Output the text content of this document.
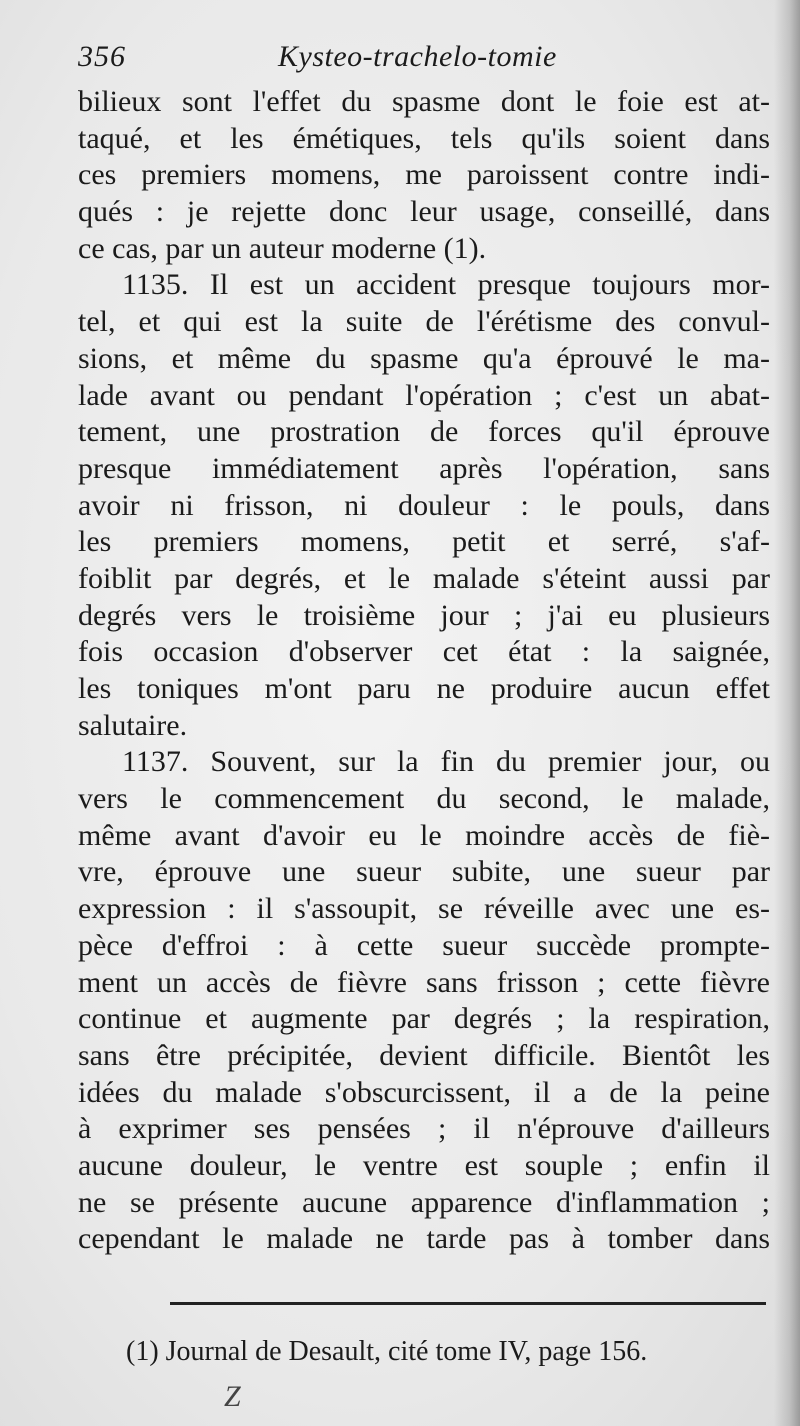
356	Kysteo-trachelo-tomie
bilieux sont l'effet du spasme dont le foie est at-
taqué, et les émétiques, tels qu'ils soient dans
ces premiers momens, me paroissent contre indi-
qués : je rejette donc leur usage, conseillé, dans
ce cas, par un auteur moderne (1).
1135. Il est un accident presque toujours mor-
tel, et qui est la suite de l'érétisme des convul-
sions, et même du spasme qu'a éprouvé le ma-
lade avant ou pendant l'opération ; c'est un abat-
tement, une prostration de forces qu'il éprouve
presque immédiatement après l'opération, sans
avoir ni frisson, ni douleur : le pouls, dans
les premiers momens, petit et serré, s'af-
foiblit par degrés, et le malade s'éteint aussi par
degrés vers le troisième jour ; j'ai eu plusieurs
fois occasion d'observer cet état : la saignée,
les toniques m'ont paru ne produire aucun effet
salutaire.
1137. Souvent, sur la fin du premier jour, ou
vers le commencement du second, le malade,
même avant d'avoir eu le moindre accès de fiè-
vre, éprouve une sueur subite, une sueur par
expression : il s'assoupit, se réveille avec une es-
pèce d'effroi : à cette sueur succède promptе-
ment un accès de fièvre sans frisson ; cette fièvre
continue et augmente par degrés ; la respiration,
sans être précipitée, devient difficile. Bientôt les
idées du malade s'obscurcissent, il a de la peine
à exprimer ses pensées ; il n'éprouve d'ailleurs
aucune douleur, le ventre est souple ; enfin il
ne se présente aucune apparence d'inflammation ;
cependant le malade ne tarde pas à tomber dans
(1) Journal de Desault, cité tome IV, page 156.
Z
